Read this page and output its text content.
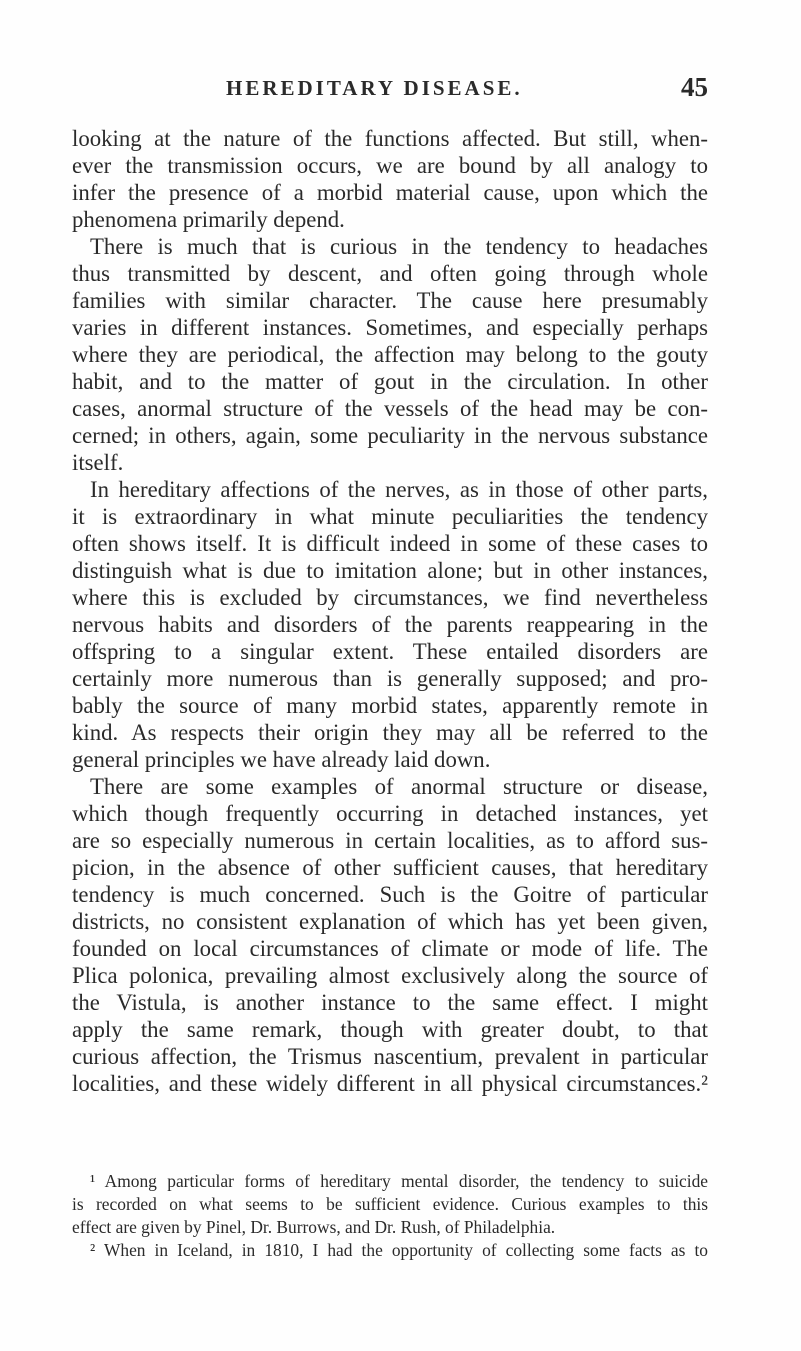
HEREDITARY DISEASE.	45
looking at the nature of the functions affected. But still, when-
ever the transmission occurs, we are bound by all analogy to
infer the presence of a morbid material cause, upon which the
phenomena primarily depend.
There is much that is curious in the tendency to headaches
thus transmitted by descent, and often going through whole
families with similar character. The cause here presumably
varies in different instances. Sometimes, and especially perhaps
where they are periodical, the affection may belong to the gouty
habit, and to the matter of gout in the circulation. In other
cases, anormal structure of the vessels of the head may be con-
cerned; in others, again, some peculiarity in the nervous substance
itself.
In hereditary affections of the nerves, as in those of other parts,
it is extraordinary in what minute peculiarities the tendency
often shows itself. It is difficult indeed in some of these cases to
distinguish what is due to imitation alone; but in other instances,
where this is excluded by circumstances, we find nevertheless
nervous habits and disorders of the parents reappearing in the
offspring to a singular extent. These entailed disorders are
certainly more numerous than is generally supposed; and pro-
bably the source of many morbid states, apparently remote in
kind. As respects their origin they may all be referred to the
general principles we have already laid down.
There are some examples of anormal structure or disease,
which though frequently occurring in detached instances, yet
are so especially numerous in certain localities, as to afford sus-
picion, in the absence of other sufficient causes, that hereditary
tendency is much concerned. Such is the Goitre of particular
districts, no consistent explanation of which has yet been given,
founded on local circumstances of climate or mode of life. The
Plica polonica, prevailing almost exclusively along the source of
the Vistula, is another instance to the same effect. I might
apply the same remark, though with greater doubt, to that
curious affection, the Trismus nascentium, prevalent in particular
localities, and these widely different in all physical circumstances.²
¹ Among particular forms of hereditary mental disorder, the tendency to suicide
is recorded on what seems to be sufficient evidence. Curious examples to this
effect are given by Pinel, Dr. Burrows, and Dr. Rush, of Philadelphia.
² When in Iceland, in 1810, I had the opportunity of collecting some facts as to
